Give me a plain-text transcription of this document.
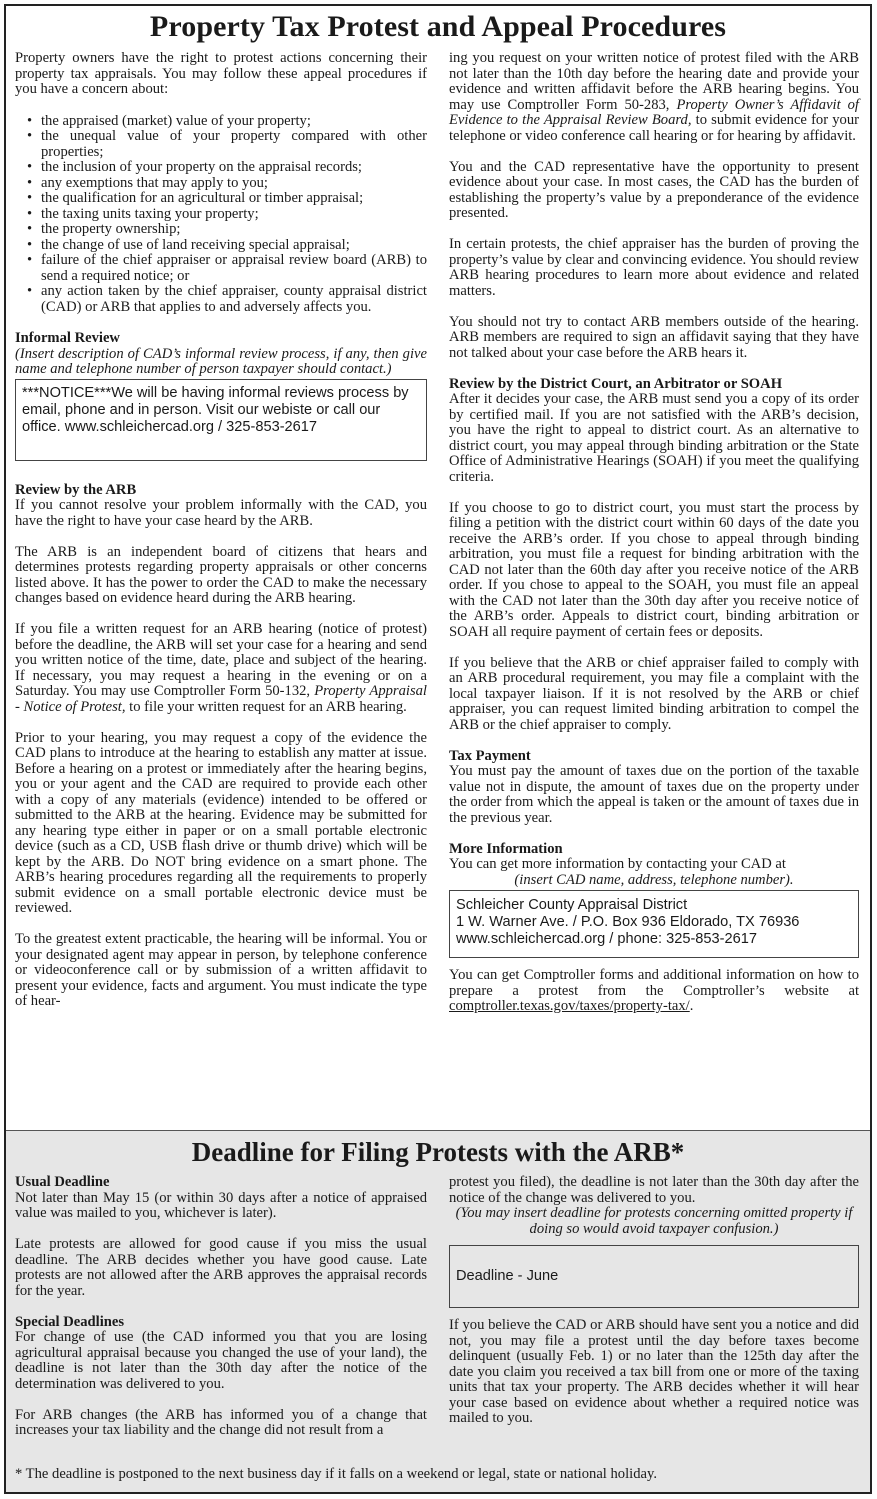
Property Tax Protest and Appeal Procedures

Property owners have the right to protest actions concerning their property tax appraisals. You may follow these appeal procedures if you have a concern about:

• the appraised (market) value of your property;
• the unequal value of your property compared with other properties;
• the inclusion of your property on the appraisal records;
• any exemptions that may apply to you;
• the qualification for an agricultural or timber appraisal;
• the taxing units taxing your property;
• the property ownership;
• the change of use of land receiving special appraisal;
• failure of the chief appraiser or appraisal review board (ARB) to send a required notice; or
• any action taken by the chief appraiser, county appraisal district (CAD) or ARB that applies to and adversely affects you.
Informal Review

(Insert description of CAD’s informal review process, if any, then give name and telephone number of person taxpayer should contact.)

***NOTICE***We will be having informal reviews process by email, phone and in person. Visit our webiste or call our office. www.schleichercad.org / 325-853-2617
Review by the ARB

If you cannot resolve your problem informally with the CAD, you have the right to have your case heard by the ARB.

The ARB is an independent board of citizens that hears and determines protests regarding property appraisals or other concerns listed above. It has the power to order the CAD to make the necessary changes based on evidence heard during the ARB hearing.

If you file a written request for an ARB hearing (notice of protest) before the deadline, the ARB will set your case for a hearing and send you written notice of the time, date, place and subject of the hearing. If necessary, you may request a hearing in the evening or on a Saturday. You may use Comptroller Form 50-132, Property Appraisal - Notice of Protest, to file your written request for an ARB hearing.

Prior to your hearing, you may request a copy of the evidence the CAD plans to introduce at the hearing to establish any matter at issue. Before a hearing on a protest or immediately after the hearing begins, you or your agent and the CAD are required to provide each other with a copy of any materials (evidence) intended to be offered or submitted to the ARB at the hearing. Evidence may be submitted for any hearing type either in paper or on a small portable electronic device (such as a CD, USB flash drive or thumb drive) which will be kept by the ARB. Do NOT bring evidence on a smart phone. The ARB’s hearing procedures regarding all the requirements to properly submit evidence on a small portable electronic device must be reviewed.

To the greatest extent practicable, the hearing will be informal. You or your designated agent may appear in person, by telephone conference or videoconference call or by submission of a written affidavit to present your evidence, facts and argument. You must indicate the type of hear-

ing you request on your written notice of protest filed with the ARB not later than the 10th day before the hearing date and provide your evidence and written affidavit before the ARB hearing begins. You may use Comptroller Form 50-283, Property Owner’s Affidavit of Evidence to the Appraisal Review Board, to submit evidence for your telephone or video conference call hearing or for hearing by affidavit.

You and the CAD representative have the opportunity to present evidence about your case. In most cases, the CAD has the burden of establishing the property’s value by a preponderance of the evidence presented.

In certain protests, the chief appraiser has the burden of proving the property’s value by clear and convincing evidence. You should review ARB hearing procedures to learn more about evidence and related matters.

You should not try to contact ARB members outside of the hearing. ARB members are required to sign an affidavit saying that they have not talked about your case before the ARB hears it.

Review by the District Court, an Arbitrator or SOAH

After it decides your case, the ARB must send you a copy of its order by certified mail. If you are not satisfied with the ARB’s decision, you have the right to appeal to district court. As an alternative to district court, you may appeal through binding arbitration or the State Office of Administrative Hearings (SOAH) if you meet the qualifying criteria.

If you choose to go to district court, you must start the process by filing a petition with the district court within 60 days of the date you receive the ARB’s order. If you chose to appeal through binding arbitration, you must file a request for binding arbitration with the CAD not later than the 60th day after you receive notice of the ARB order. If you chose to appeal to the SOAH, you must file an appeal with the CAD not later than the 30th day after you receive notice of the ARB’s order. Appeals to district court, binding arbitration or SOAH all require payment of certain fees or deposits.

If you believe that the ARB or chief appraiser failed to comply with an ARB procedural requirement, you may file a complaint with the local taxpayer liaison. If it is not resolved by the ARB or chief appraiser, you can request limited binding arbitration to compel the ARB or the chief appraiser to comply.

Tax Payment

You must pay the amount of taxes due on the portion of the taxable value not in dispute, the amount of taxes due on the property under the order from which the appeal is taken or the amount of taxes due in the previous year.

More Information

You can get more information by contacting your CAD at

(insert CAD name, address, telephone number).

Schleicher County Appraisal District
1 W. Warner Ave. / P.O. Box 936 Eldorado, TX 76936
www.schleichercad.org / phone: 325-853-2617

You can get Comptroller forms and additional information on how to prepare a protest from the Comptroller’s website at comptroller.texas.gov/taxes/property-tax/.

Deadline for Filing Protests with the ARB*
Usual Deadline

Not later than May 15 (or within 30 days after a notice of appraised value was mailed to you, whichever is later).

Late protests are allowed for good cause if you miss the usual deadline. The ARB decides whether you have good cause. Late protests are not allowed after the ARB approves the appraisal records for the year.

Special Deadlines

For change of use (the CAD informed you that you are losing agricultural appraisal because you changed the use of your land), the deadline is not later than the 30th day after the notice of the determination was delivered to you.

For ARB changes (the ARB has informed you of a change that increases your tax liability and the change did not result from a

protest you filed), the deadline is not later than the 30th day after the notice of the change was delivered to you.

(You may insert deadline for protests concerning omitted property if doing so would avoid taxpayer confusion.)

Deadline - June

If you believe the CAD or ARB should have sent you a notice and did not, you may file a protest until the day before taxes become delinquent (usually Feb. 1) or no later than the 125th day after the date you claim you received a tax bill from one or more of the taxing units that tax your property. The ARB decides whether it will hear your case based on evidence about whether a required notice was mailed to you.

* The deadline is postponed to the next business day if it falls on a weekend or legal, state or national holiday.
